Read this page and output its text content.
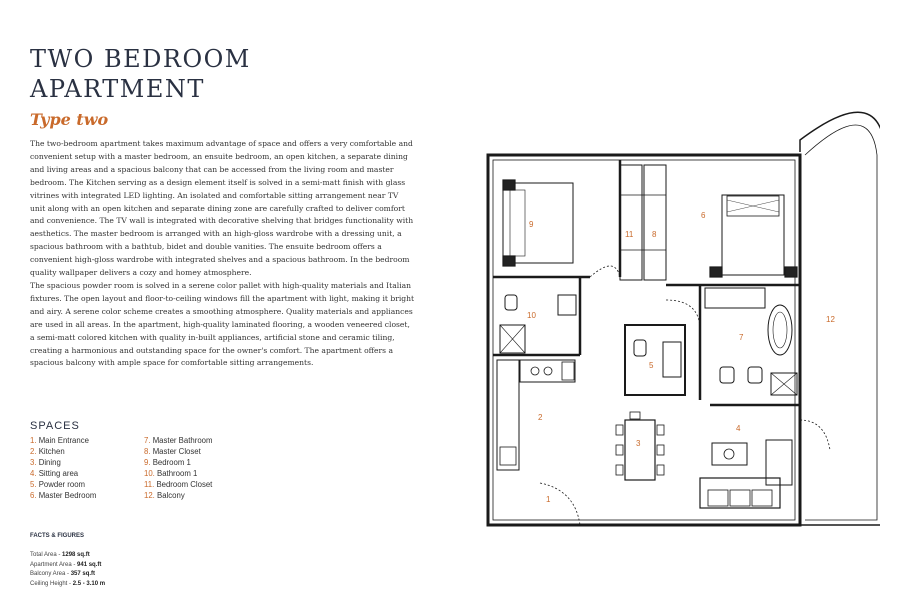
TWO BEDROOM
APARTMENT
Type two

The two-bedroom apartment takes maximum advantage of space and offers a very comfortable and convenient setup with a master bedroom, an ensuite bedroom, an open kitchen, a separate dining and living areas and a spacious balcony that can be accessed from the living room and master bedroom. The Kitchen serving as a design element itself is solved in a semi-matt finish with glass vitrines with integrated LED lighting. An isolated and comfortable sitting arrangement near TV unit along with an open kitchen and separate dining zone are carefully crafted to deliver comfort and convenience. The TV wall is integrated with decorative shelving that bridges functionality with aesthetics. The master bedroom is arranged with an high-gloss wardrobe with a dressing unit, a spacious bathroom with a bathtub, bidet and double vanities. The ensuite bedroom offers a convenient high-gloss wardrobe with integrated shelves and a spacious bathroom. In the bedroom quality wallpaper delivers a cozy and homey atmosphere.

The spacious powder room is solved in a serene color pallet with high-quality materials and Italian fixtures. The open layout and floor-to-ceiling windows fill the apartment with light, making it bright and airy. A serene color scheme creates a smoothing atmosphere. Quality materials and appliances are used in all areas. In the apartment, high-quality laminated flooring, a wooden veneered closet, a semi-matt colored kitchen with quality in-built appliances, artificial stone and ceramic tiling, creating a harmonious and outstanding space for the owner's comfort. The apartment offers a spacious balcony with ample space for comfortable sitting arrangements.

SPACES
1. Main Entrance
2. Kitchen
3. Dining
4. Sitting area
5. Powder room
6. Master Bedroom
7. Master Bathroom
8. Master Closet
9. Bedroom 1
10. Bathroom 1
11. Bedroom Closet
12. Balcony
FACTS & FIGURES
Total Area - 1298 sq.ft
Apartment Area - 941 sq.ft
Balcony Area - 357 sq.ft
Ceiling Height - 2.5 - 3.10 m
1
2
3
4
5
6
7
8
9
10
11
12
